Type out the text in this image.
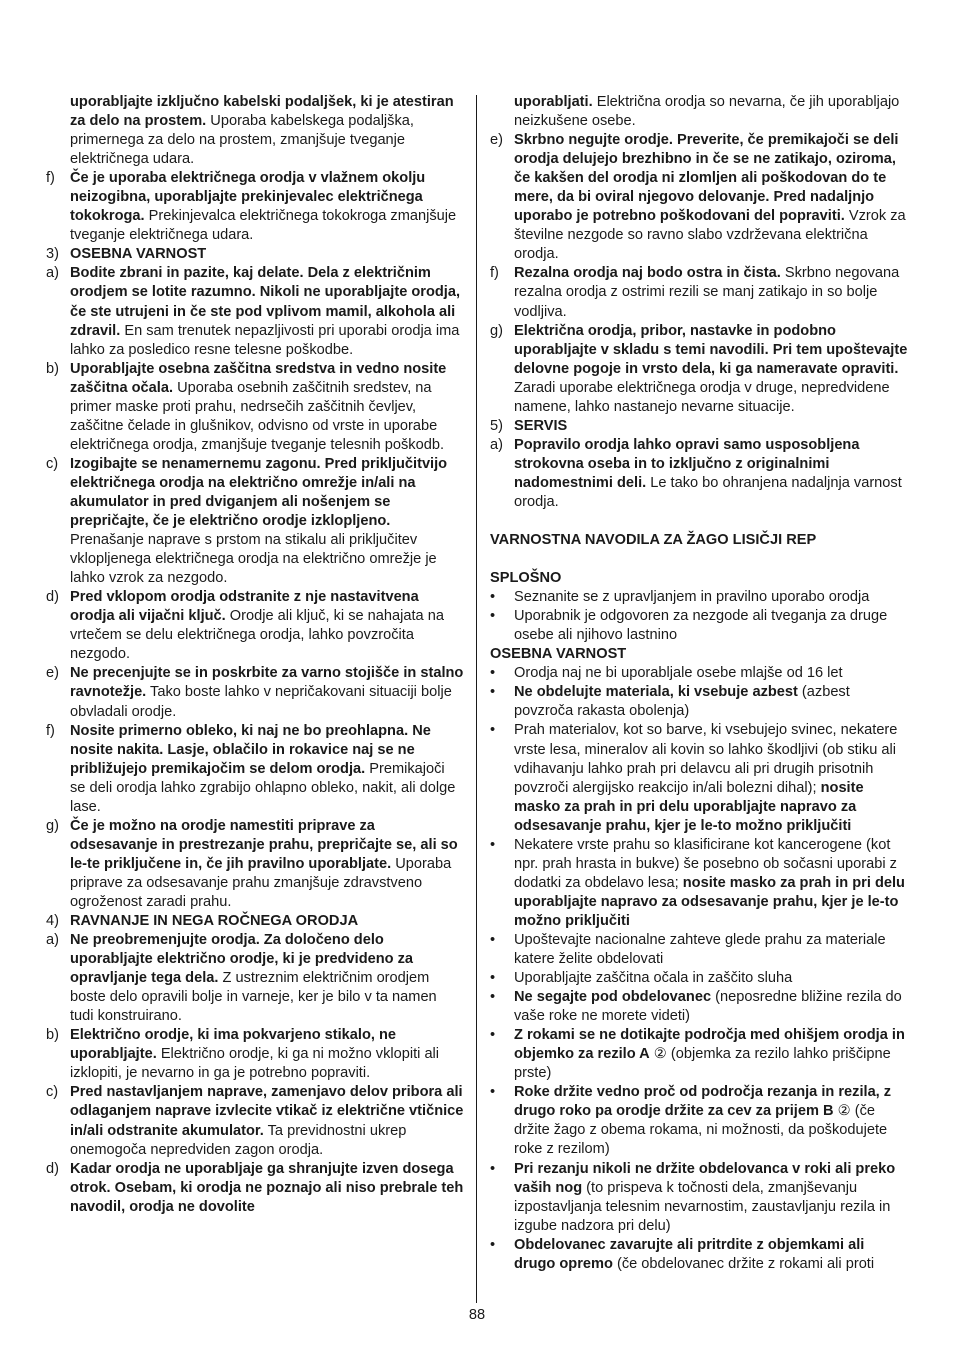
uporabljajte izključno kabelski podaljšek, ki je atestiran za delo na prostem. Uporaba kabelskega podaljška, primernega za delo na prostem, zmanjšuje tveganje električnega udara.
f)	Če je uporaba električnega orodja v vlažnem okolju neizogibna, uporabljajte prekinjevalec električnega tokokroga. Prekinjevalca električnega tokokroga zmanjšuje tveganje električnega udara.
3) OSEBNA VARNOST
a) Bodite zbrani in pazite, kaj delate. Dela z električnim orodjem se lotite razumno. Nikoli ne uporabljajte orodja, če ste utrujeni in če ste pod vplivom mamil, alkohola ali zdravil. En sam trenutek nepazljivosti pri uporabi orodja ima lahko za posledico resne telesne poškodbe.
b) Uporabljajte osebna zaščitna sredstva in vedno nosite zaščitna očala. Uporaba osebnih zaščitnih sredstev, na primer maske proti prahu, nedrsečih zaščitnih čevljev, zaščitne čelade in glušnikov, odvisno od vrste in uporabe električnega orodja, zmanjšuje tveganje telesnih poškodb.
c) Izogibajte se nenamernemu zagonu. Pred priključitvijo električnega orodja na električno omrežje in/ali na akumulator in pred dviganjem ali nošenjem se prepričajte, če je električno orodje izklopljeno. Prenašanje naprave s prstom na stikalu ali priključitev vklopljenega električnega orodja na električno omrežje je lahko vzrok za nezgodo.
d) Pred vklopom orodja odstranite z nje nastavitvena orodja ali vijačni ključ. Orodje ali ključ, ki se nahajata na vrtečem se delu električnega orodja, lahko povzročita nezgodo.
e) Ne precenjujte se in poskrbite za varno stojišče in stalno ravnotežje. Tako boste lahko v nepričakovani situaciji bolje obvladali orodje.
f)	Nosite primerno obleko, ki naj ne bo preohlapna. Ne nosite nakita. Lasje, oblačilo in rokavice naj se ne približujejo premikajočim se delom orodja. Premikajoči se deli orodja lahko zgrabijo ohlapno obleko, nakit, ali dolge lase.
g) Če je možno na orodje namestiti priprave za odsesavanje in prestrezanje prahu, prepričajte se, ali so le-te priključene in, če jih pravilno uporabljate. Uporaba priprave za odsesavanje prahu zmanjšuje zdravstveno ogroženost zaradi prahu.
4) RAVNANJE IN NEGA ROČNEGA ORODJA
a) Ne preobremenjujte orodja. Za določeno delo uporabljajte električno orodje, ki je predvideno za opravljanje tega dela. Z ustreznim električnim orodjem boste delo opravili bolje in varneje, ker je bilo v ta namen tudi konstruirano.
b) Električno orodje, ki ima pokvarjeno stikalo, ne uporabljajte. Električno orodje, ki ga ni možno vklopiti ali izklopiti, je nevarno in ga je potrebno popraviti.
c) Pred nastavljanjem naprave, zamenjavo delov pribora ali odlaganjem naprave izvlecite vtikač iz električne vtičnice in/ali odstranite akumulator. Ta previdnostni ukrep onemogoča nepredviden zagon orodja.
d) Kadar orodja ne uporabljaje ga shranjujte izven dosega otrok. Osebam, ki orodja ne poznajo ali niso prebrale teh navodil, orodja ne dovolite
uporabljati. Električna orodja so nevarna, če jih uporabljajo neizkušene osebe.
e) Skrbno negujte orodje. Preverite, če premikajoči se deli orodja delujejo brezhibno in če se ne zatikajo, oziroma, če kakšen del orodja ni zlomljen ali poškodovan do te mere, da bi oviral njegovo delovanje. Pred nadaljnjo uporabo je potrebno poškodovani del popraviti. Vzrok za številne nezgode so ravno slabo vzdrževana električna orodja.
f)	Rezalna orodja naj bodo ostra in čista. Skrbno negovana rezalna orodja z ostrimi rezili se manj zatikajo in so bolje vodljiva.
g) Električna orodja, pribor, nastavke in podobno uporabljajte v skladu s temi navodili. Pri tem upoštevajte delovne pogoje in vrsto dela, ki ga nameravate opraviti. Zaradi uporabe električnega orodja v druge, nepredvidene namene, lahko nastanejo nevarne situacije.
5) SERVIS
a) Popravilo orodja lahko opravi samo usposobljena strokovna oseba in to izključno z originalnimi nadomestnimi deli. Le tako bo ohranjena nadaljnja varnost orodja.
VARNOSTNA NAVODILA ZA ŽAGO LISIČJI REP
SPLOŠNO
•	Seznanite se z upravljanjem in pravilno uporabo orodja
•	Uporabnik je odgovoren za nezgode ali tveganja za druge osebe ali njihovo lastnino
OSEBNA VARNOST
•	Orodja naj ne bi uporabljale osebe mlajše od 16 let
•	Ne obdelujte materiala, ki vsebuje azbest (azbest povzroča rakasta obolenja)
•	Prah materialov, kot so barve, ki vsebujejo svinec, nekatere vrste lesa, mineralov ali kovin so lahko škodljivi (ob stiku ali vdihavanju lahko prah pri delavcu ali pri drugih prisotnih povzroči alergijsko reakcijo in/ali bolezni dihal); nosite masko za prah in pri delu uporabljajte napravo za odsesavanje prahu, kjer je le-to možno priključiti
•	Nekatere vrste prahu so klasificirane kot kancerogene (kot npr. prah hrasta in bukve) še posebno ob sočasni uporabi z dodatki za obdelavo lesa; nosite masko za prah in pri delu uporabljajte napravo za odsesavanje prahu, kjer je le-to možno priključiti
•	Upoštevajte nacionalne zahteve glede prahu za materiale katere želite obdelovati
•	Uporabljajte zaščitna očala in zaščito sluha
•	Ne segajte pod obdelovanec (neposredne bližine rezila do vaše roke ne morete videti)
•	Z rokami se ne dotikajte področja med ohišjem orodja in objemko za rezilo A ② (objemka za rezilo lahko priščipne prste)
•	Roke držite vedno proč od področja rezanja in rezila, z drugo roko pa orodje držite za cev za prijem B ② (če držite žago z obema rokama, ni možnosti, da poškodujete roke z rezilom)
•	Pri rezanju nikoli ne držite obdelovanca v roki ali preko vaših nog (to prispeva k točnosti dela, zmanjševanju izpostavljanja telesnim nevarnostim, zaustavljanju rezila in izgube nadzora pri delu)
•	Obdelovanec zavarujte ali pritrdite z objemkami ali drugo opremo (če obdelovanec držite z rokami ali proti
88
